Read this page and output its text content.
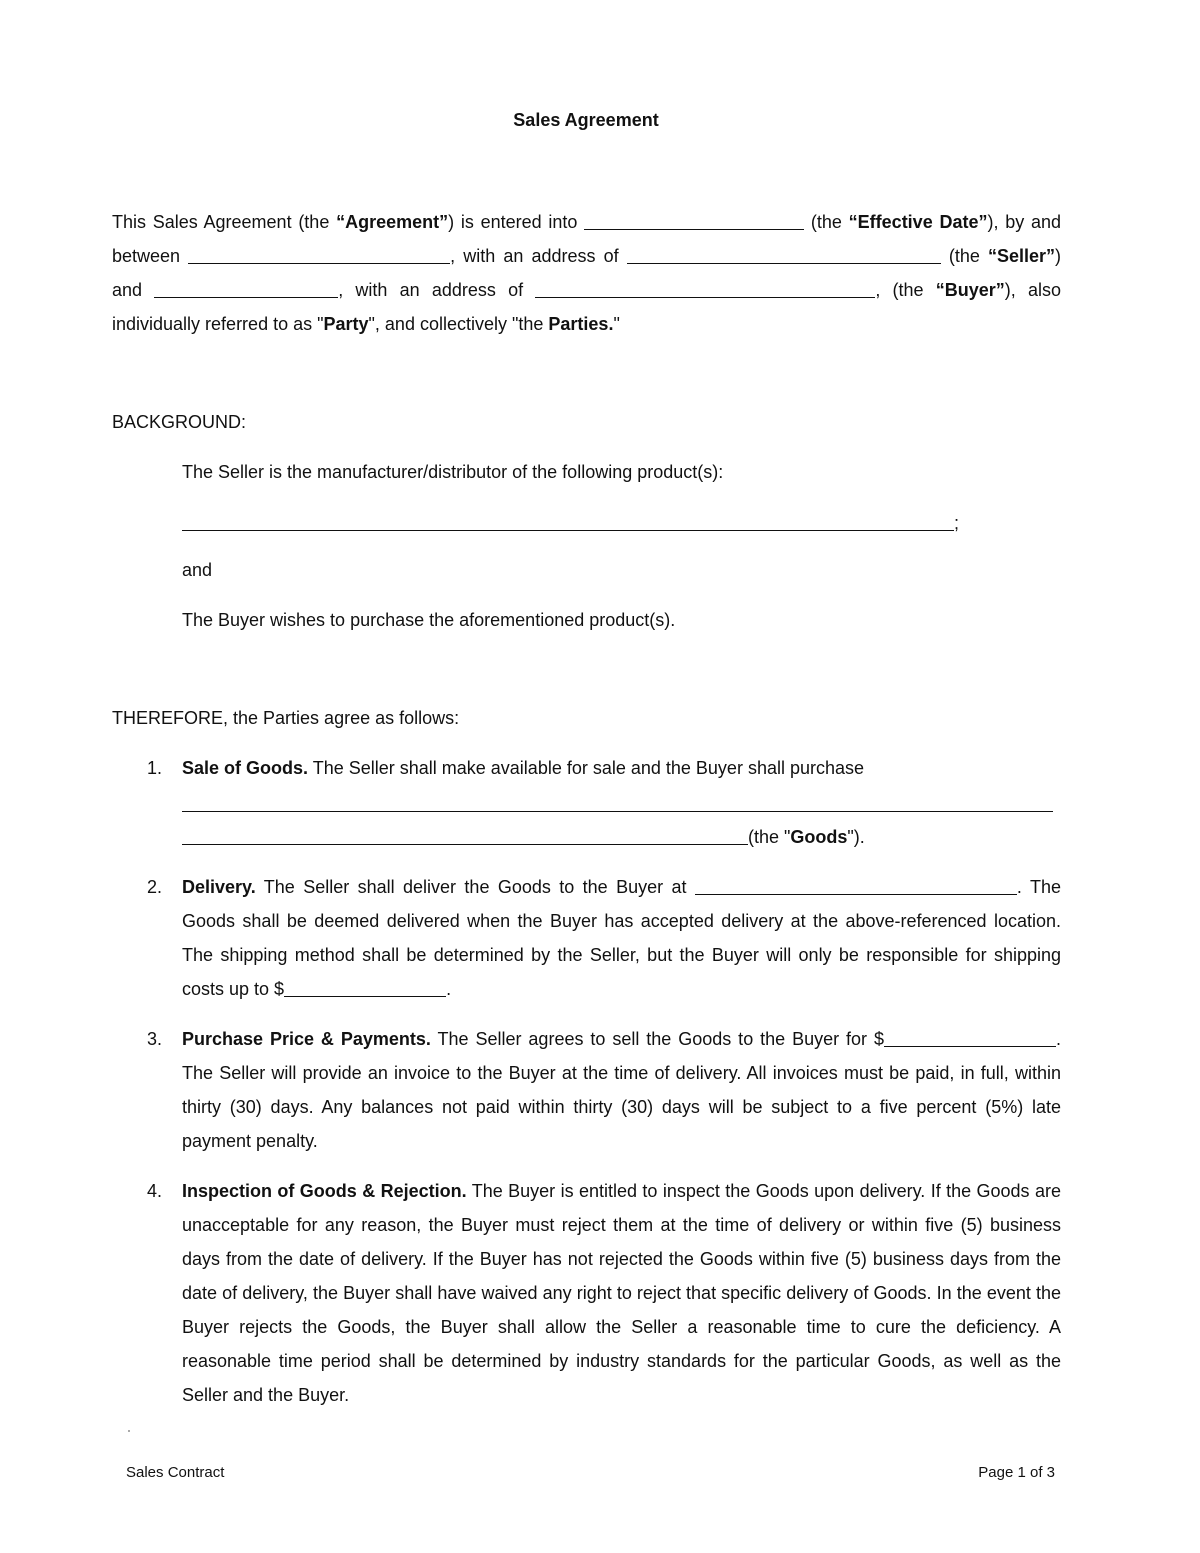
Sales Agreement
This Sales Agreement (the “Agreement”) is entered into	(the “Effective Date”), by and between	, with an address of	(the “Seller”) and	, with an address of	, (the “Buyer”), also individually referred to as "Party", and collectively "the Parties."
BACKGROUND:
The Seller is the manufacturer/distributor of the following product(s):
;
and
The Buyer wishes to purchase the aforementioned product(s).
THEREFORE, the Parties agree as follows:
1. Sale of Goods. The Seller shall make available for sale and the Buyer shall purchase
(the "Goods").
2. Delivery. The Seller shall deliver the Goods to the Buyer at	. The Goods shall be deemed delivered when the Buyer has accepted delivery at the above-referenced location. The shipping method shall be determined by the Seller, but the Buyer will only be responsible for shipping costs up to $	.
3. Purchase Price & Payments. The Seller agrees to sell the Goods to the Buyer for $	. The Seller will provide an invoice to the Buyer at the time of delivery. All invoices must be paid, in full, within thirty (30) days. Any balances not paid within thirty (30) days will be subject to a five percent (5%) late payment penalty.
4. Inspection of Goods & Rejection. The Buyer is entitled to inspect the Goods upon delivery. If the Goods are unacceptable for any reason, the Buyer must reject them at the time of delivery or within five (5) business days from the date of delivery. If the Buyer has not rejected the Goods within five (5) business days from the date of delivery, the Buyer shall have waived any right to reject that specific delivery of Goods. In the event the Buyer rejects the Goods, the Buyer shall allow the Seller a reasonable time to cure the deficiency. A reasonable time period shall be determined by industry standards for the particular Goods, as well as the Seller and the Buyer.
Sales Contract	Page 1 of 3
